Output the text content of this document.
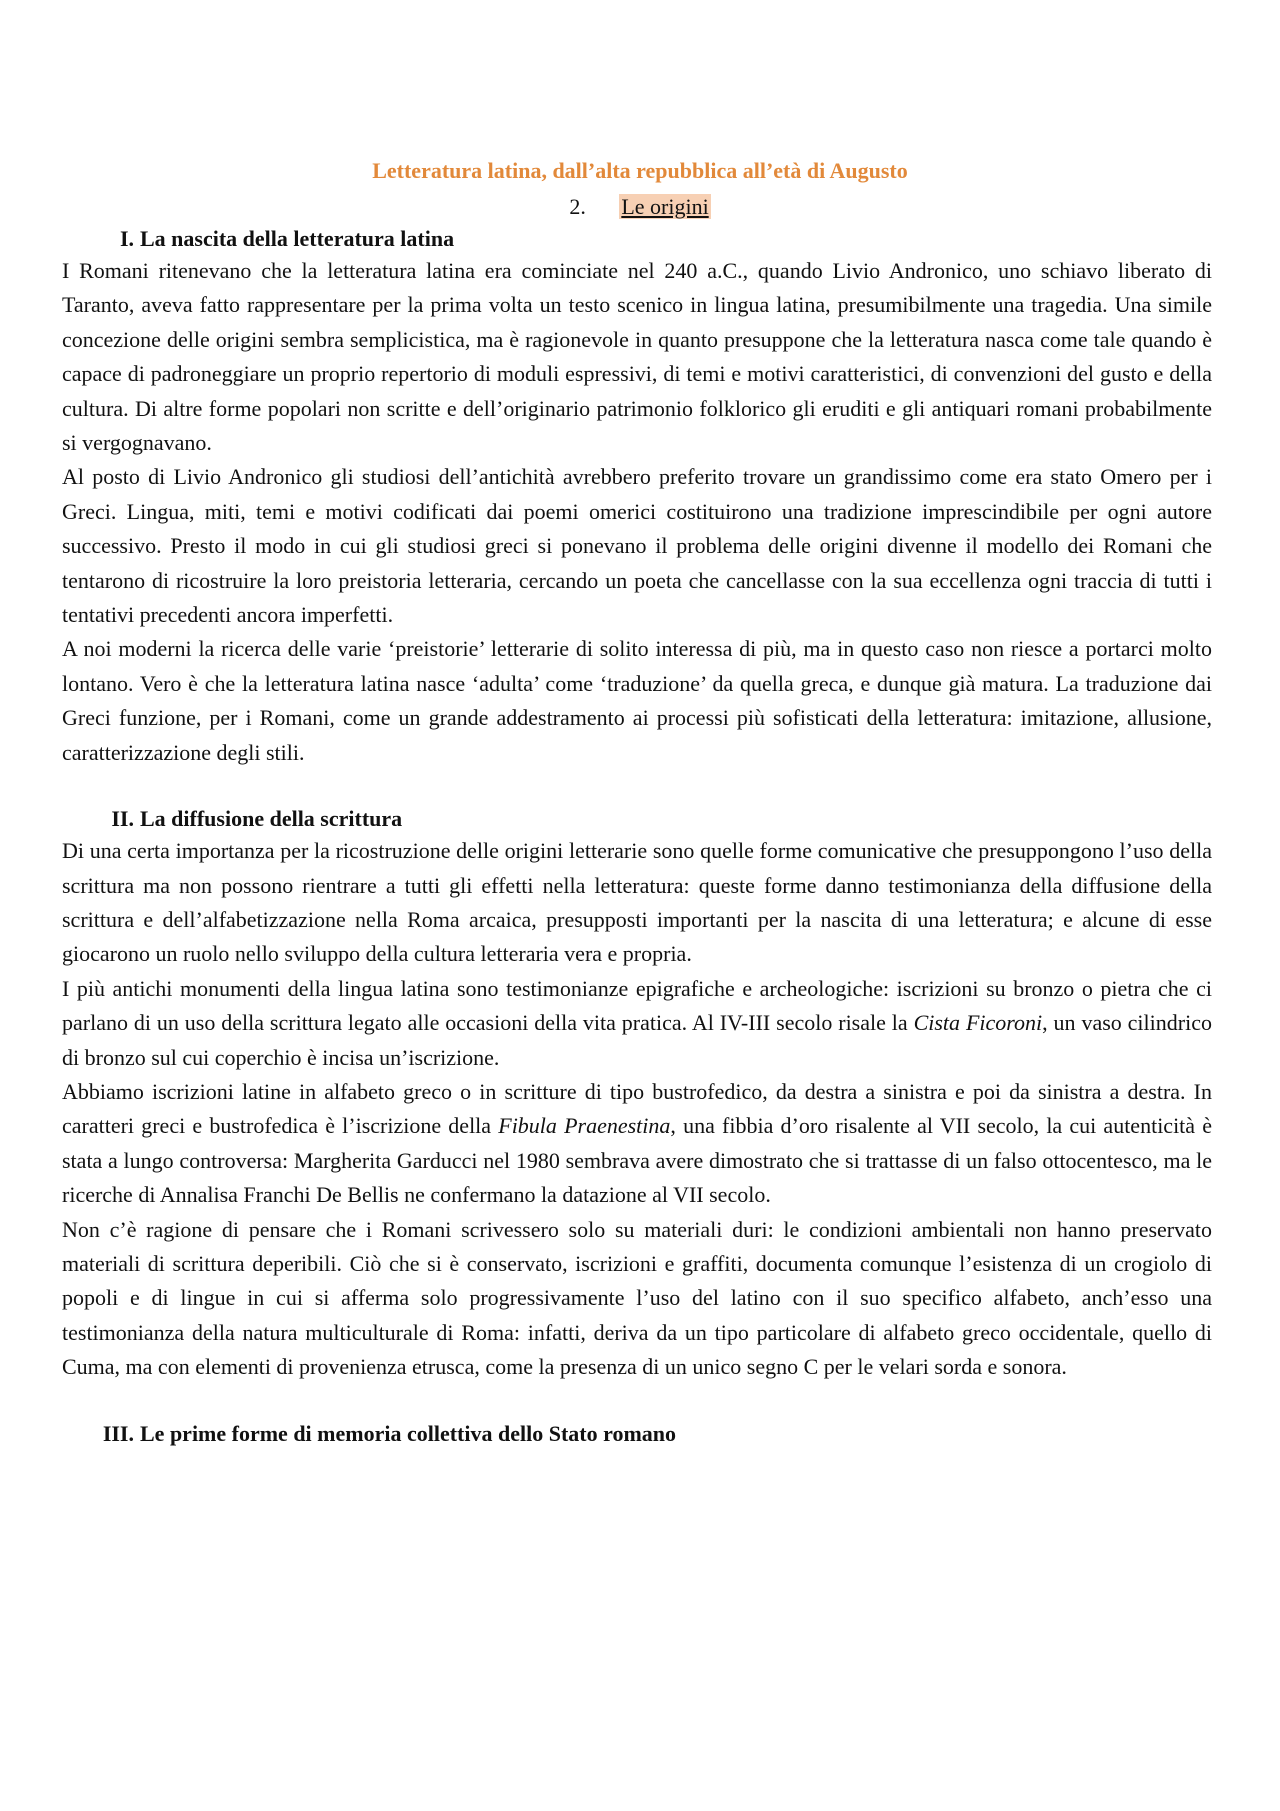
Letteratura latina, dall’alta repubblica all’età di Augusto
2. Le origini
I. La nascita della letteratura latina

I Romani ritenevano che la letteratura latina era cominciate nel 240 a.C., quando Livio Andronico, uno schiavo liberato di Taranto, aveva fatto rappresentare per la prima volta un testo scenico in lingua latina, presumibilmente una tragedia. Una simile concezione delle origini sembra semplicistica, ma è ragionevole in quanto presuppone che la letteratura nasca come tale quando è capace di padroneggiare un proprio repertorio di moduli espressivi, di temi e motivi caratteristici, di convenzioni del gusto e della cultura. Di altre forme popolari non scritte e dell’originario patrimonio folklorico gli eruditi e gli antiquari romani probabilmente si vergognavano.

Al posto di Livio Andronico gli studiosi dell’antichità avrebbero preferito trovare un grandissimo come era stato Omero per i Greci. Lingua, miti, temi e motivi codificati dai poemi omerici costituirono una tradizione imprescindibile per ogni autore successivo. Presto il modo in cui gli studiosi greci si ponevano il problema delle origini divenne il modello dei Romani che tentarono di ricostruire la loro preistoria letteraria, cercando un poeta che cancellasse con la sua eccellenza ogni traccia di tutti i tentativi precedenti ancora imperfetti.

A noi moderni la ricerca delle varie ‘preistorie’ letterarie di solito interessa di più, ma in questo caso non riesce a portarci molto lontano. Vero è che la letteratura latina nasce ‘adulta’ come ‘traduzione’ da quella greca, e dunque già matura. La traduzione dai Greci funzione, per i Romani, come un grande addestramento ai processi più sofisticati della letteratura: imitazione, allusione, caratterizzazione degli stili.

II. La diffusione della scrittura

Di una certa importanza per la ricostruzione delle origini letterarie sono quelle forme comunicative che presuppongono l’uso della scrittura ma non possono rientrare a tutti gli effetti nella letteratura: queste forme danno testimonianza della diffusione della scrittura e dell’alfabetizzazione nella Roma arcaica, presupposti importanti per la nascita di una letteratura; e alcune di esse giocarono un ruolo nello sviluppo della cultura letteraria vera e propria.

I più antichi monumenti della lingua latina sono testimonianze epigrafiche e archeologiche: iscrizioni su bronzo o pietra che ci parlano di un uso della scrittura legato alle occasioni della vita pratica. Al IV-III secolo risale la Cista Ficoroni, un vaso cilindrico di bronzo sul cui coperchio è incisa un’iscrizione.

Abbiamo iscrizioni latine in alfabeto greco o in scritture di tipo bustrofedico, da destra a sinistra e poi da sinistra a destra. In caratteri greci e bustrofedica è l’iscrizione della Fibula Praenestina, una fibbia d’oro risalente al VII secolo, la cui autenticità è stata a lungo controversa: Margherita Garducci nel 1980 sembrava avere dimostrato che si trattasse di un falso ottocentesco, ma le ricerche di Annalisa Franchi De Bellis ne confermano la datazione al VII secolo.

Non c’è ragione di pensare che i Romani scrivessero solo su materiali duri: le condizioni ambientali non hanno preservato materiali di scrittura deperibili. Ciò che si è conservato, iscrizioni e graffiti, documenta comunque l’esistenza di un crogiolo di popoli e di lingue in cui si afferma solo progressivamente l’uso del latino con il suo specifico alfabeto, anch’esso una testimonianza della natura multiculturale di Roma: infatti, deriva da un tipo particolare di alfabeto greco occidentale, quello di Cuma, ma con elementi di provenienza etrusca, come la presenza di un unico segno C per le velari sorda e sonora.

III. Le prime forme di memoria collettiva dello Stato romano
